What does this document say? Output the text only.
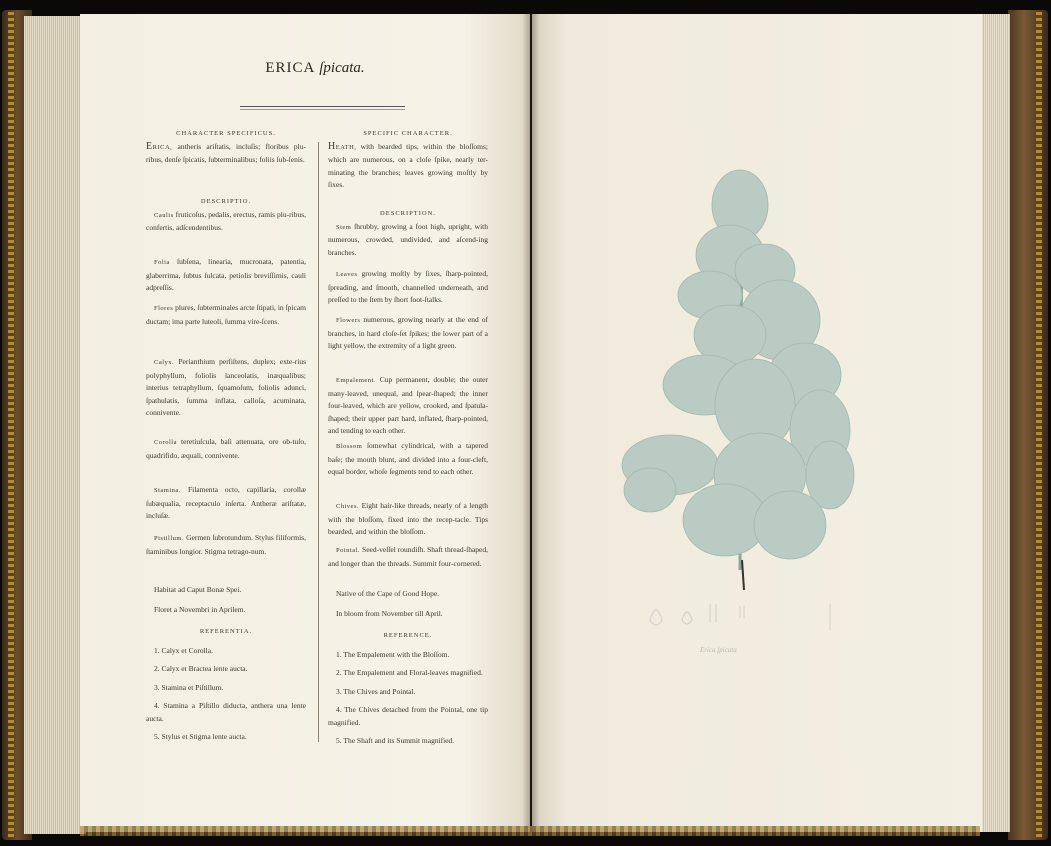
ERICA ſpicata.
CHARACTER SPECIFICUS.
ERICA, antheris ariſtatis, incluſis; floribus plu-ribus, denſe ſpicatis, ſubterminalibus; foliis ſub-ſenis.
DESCRIPTIO.
Caulis fruticoſus, pedalis, erectus, ramis plu-ribus, confertis, adſcendentibus.
Folia ſubſena, linearia, mucronata, patentia, glaberrima, ſubtus ſulcata, petiolis breviſſimis, cauli adpreſſis.
Flores plures, ſubterminales arcte ſtipati, in ſpicam ductam; ima parte luteoli, ſumma vire-ſcens.
Calyx. Perianthium perſiſtens, duplex; exte-rius polyphyllum, foliolis lanceolatis, inæqualibus; interius tetraphyllum, ſquamoſum, foliolis adunci, ſpathulatis, ſumma inflata, calloſa, acuminata, connivente.
Corolla teretiuſcula, baſi attenuata, ore ob-tuſo, quadrifido, æquali, connivente.
Stamina. Filamenta octo, capillaria, corollæ ſubæqualia, receptaculo inſerta. Antheræ ariſtatæ, incluſæ.
Pistillum. Germen ſubrotundum. Stylus filiformis, ſtaminibus longior. Stigma tetrago-num.
Habitat ad Caput Bonæ Spei.
Floret a Novembri in Aprilem.
REFERENTIA.
1. Calyx et Corolla.
2. Calyx et Bractea lente aucta.
3. Stamina et Piſtillum.
4. Stamina a Piſtillo diducta, anthera una lente aucta.
5. Stylus et Stigma lente aucta.
SPECIFIC CHARACTER.
HEATH, with bearded tips, within the bloſſoms; which are numerous, on a cloſe ſpike, nearly ter-minating the branches; leaves growing moſtly by ſixes.
DESCRIPTION.
Stem ſhrubby, growing a foot high, upright, with numerous, crowded, undivided, and aſcend-ing branches.
Leaves growing moſtly by ſixes, ſharp-pointed, ſpreading, and ſmooth, channelled underneath, and preſſed to the ſtem by ſhort foot-ſtalks.
Flowers numerous, growing nearly at the end of branches, in hard cloſe-ſet ſpikes; the lower part of a light yellow, the extremity of a light green.
Empalement. Cup permanent, double; the outer many-leaved, unequal, and ſpear-ſhaped; the inner four-leaved, which are yellow, crooked, and ſpatula-ſhaped; their upper part hard, inflated, ſharp-pointed, and tending to each other.
Blossom ſomewhat cylindrical, with a tapered baſe; the mouth blunt, and divided into a four-cleft, equal border, whoſe ſegments tend to each other.
Chives. Eight hair-like threads, nearly of a length with the bloſſom, fixed into the recep-tacle. Tips bearded, and within the bloſſom.
Pointal. Seed-veſſel roundiſh. Shaft thread-ſhaped, and longer than the threads. Summit four-cornered.
Native of the Cape of Good Hope.
In bloom from November till April.
REFERENCE.
1. The Empalement with the Bloſſom.
2. The Empalement and Floral-leaves magnified.
3. The Chives and Pointal.
4. The Chives detached from the Pointal, one tip magnified.
5. The Shaft and its Summit magnified.
Erica ſpicata
